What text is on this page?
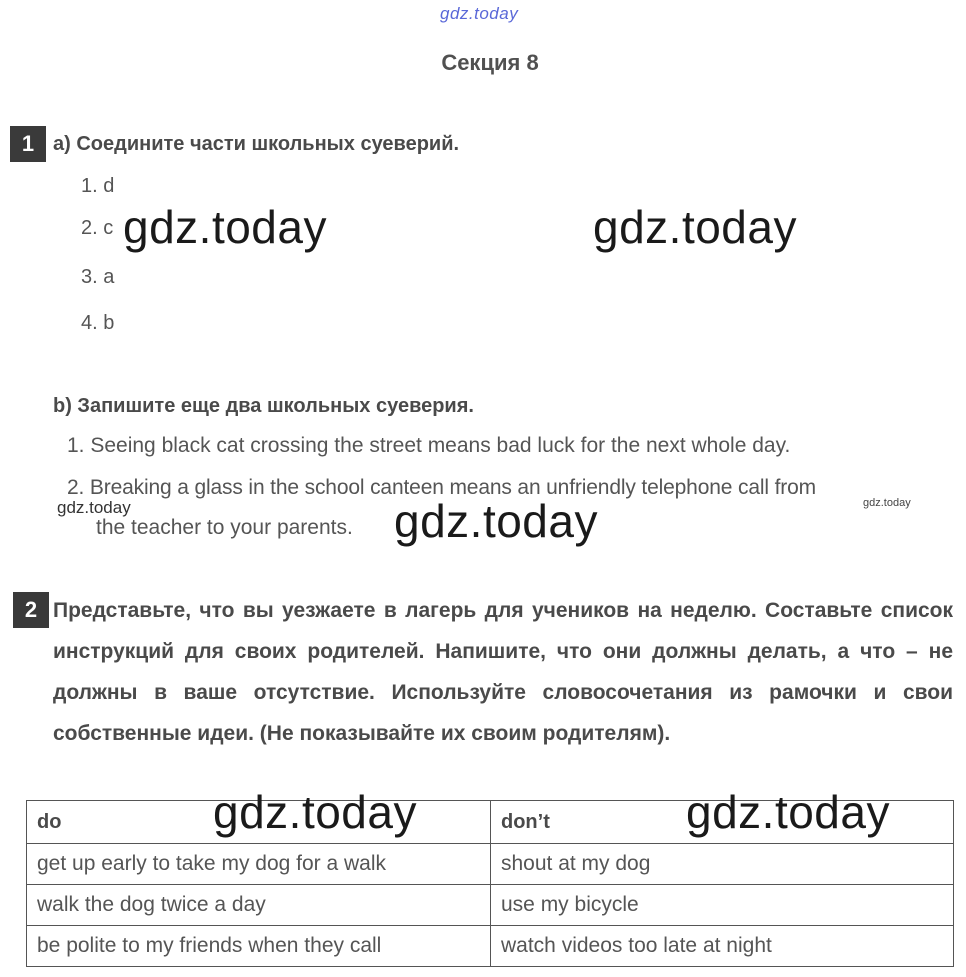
gdz.today
Секция 8
1 a) Соедините части школьных суеверий.
1. d
2. c
3. a
4. b
b) Запишите еще два школьных суеверия.
1. Seeing black cat crossing the street means bad luck for the next whole day.
2. Breaking a glass in the school canteen means an unfriendly telephone call from
the teacher to your parents.
2 Представьте, что вы уезжаете в лагерь для учеников на неделю. Составьте список инструкций для своих родителей. Напишите, что они должны делать, а что – не должны в ваше отсутствие. Используйте словосочетания из рамочки и свои собственные идеи. (Не показывайте их своим родителям).
do	don’t
get up early to take my dog for a walk	shout at my dog
walk the dog twice a day	use my bicycle
be polite to my friends when they call	watch videos too late at night
gdz.today	gdz.today
gdz.today
gdz.today	gdz.today
gdz.today	gdz.today
